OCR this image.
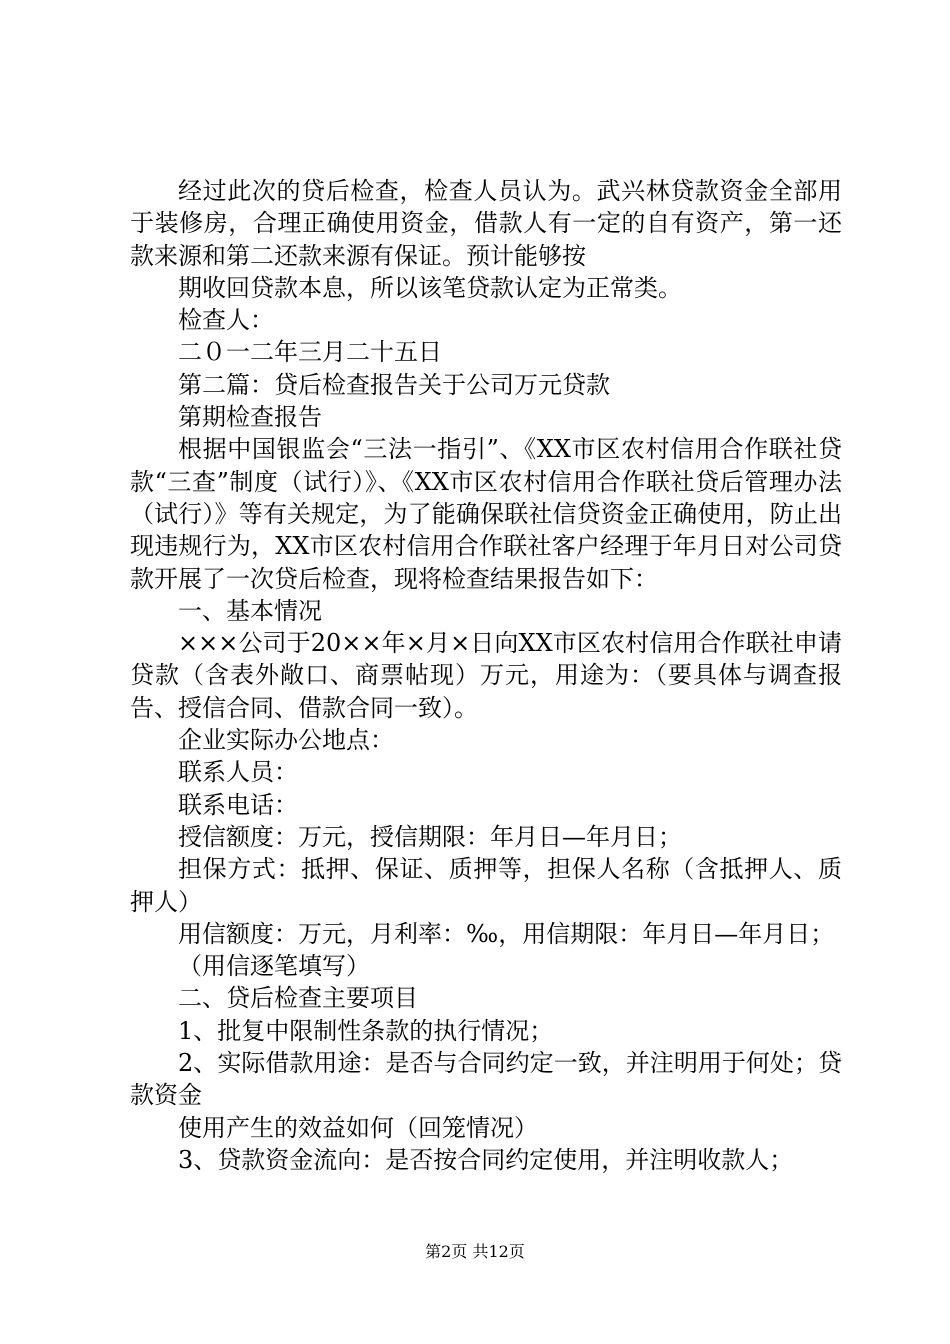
经过此次的贷后检查，检查人员认为。武兴林贷款资金全部用于装修房，合理正确使用资金，借款人有一定的自有资产，第一还款来源和第二还款来源有保证。预计能够按

期收回贷款本息，所以该笔贷款认定为正常类。

检查人：

二０一二年三月二十五日

第二篇：贷后检查报告关于公司万元贷款

第期检查报告

根据中国银监会“三法一指引”、《XX市区农村信用合作联社贷款“三查”制度（试行）》、《XX市区农村信用合作联社贷后管理办法（试行）》等有关规定，为了能确保联社信贷资金正确使用，防止出现违规行为，XX市区农村信用合作联社客户经理于年月日对公司贷款开展了一次贷后检查，现将检查结果报告如下：

一、基本情况

×××公司于20××年×月×日向XX市区农村信用合作联社申请贷款（含表外敞口、商票帖现）万元，用途为：（要具体与调查报告、授信合同、借款合同一致）。

企业实际办公地点：

联系人员：

联系电话：

授信额度：万元，授信期限：年月日—年月日；

担保方式：抵押、保证、质押等，担保人名称（含抵押人、质押人）

用信额度：万元，月利率：‰，用信期限：年月日—年月日；

（用信逐笔填写）

二、贷后检查主要项目

1、批复中限制性条款的执行情况；

2、实际借款用途：是否与合同约定一致，并注明用于何处；贷款资金

使用产生的效益如何（回笼情况）

3、贷款资金流向：是否按合同约定使用，并注明收款人；

第2页 共12页
